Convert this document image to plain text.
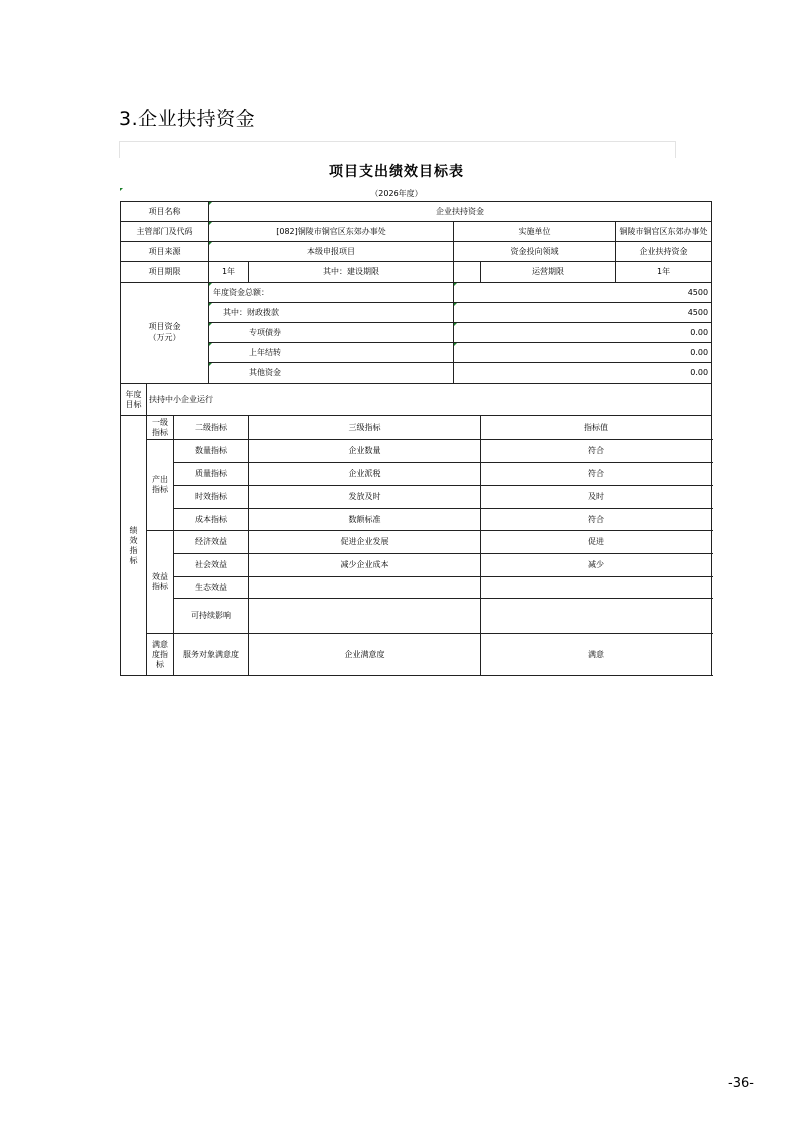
3.企业扶持资金
项目支出绩效目标表
（2026年度）
项目名称			企业扶持资金				
主管部门及代码			[082]铜陵市铜官区东郊办事处		实施单位		铜陵市铜官区东郊办事处
项目来源			本级申报项目		资金投向领域		企业扶持资金
项目期限			1年	其中：建设期限		运营期限	1年
项目资金（万元）			年度资金总额：		4500		

其中：财政拨款		4500		

专项债券		0.00		

上年结转		0.00		

其他资金		0.00		
年度目标	扶持中小企业运行						
绩效指标	一级指标	二级指标		三级指标		指标值	
	产出指标	数量指标		企业数量		符合	
		质量指标		企业派税		符合	
		时效指标		发放及时		及时	
		成本指标		数额标准		符合	
	效益指标	经济效益		促进企业发展		促进	
		社会效益		减少企业成本		减少	
		生态效益					
		可持续影响					
	满意度指标	服务对象满意度		企业满意度		满意	
-36-
